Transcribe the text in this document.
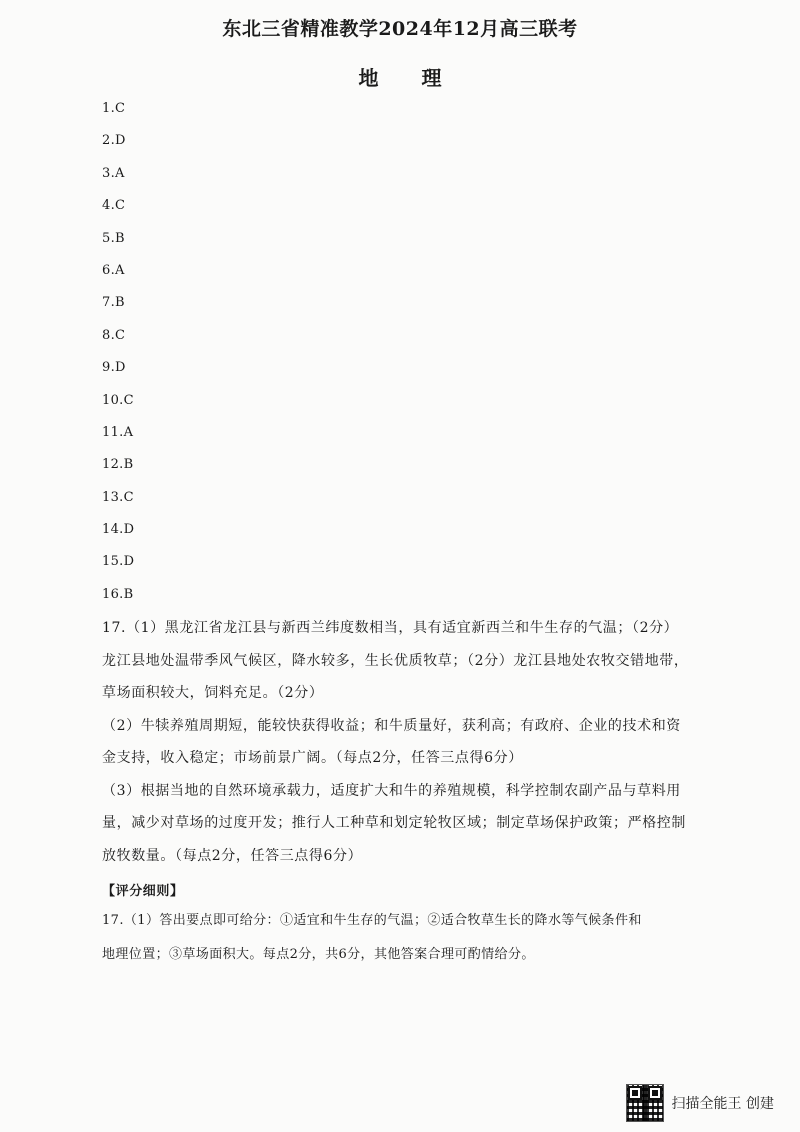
东北三省精准教学2024年12月高三联考
地 理
1.C
2.D
3.A
4.C
5.B
6.A
7.B
8.C
9.D
10.C
11.A
12.B
13.C
14.D
15.D
16.B

17.（1）黑龙江省龙江县与新西兰纬度数相当，具有适宜新西兰和牛生存的气温；（2分）

龙江县地处温带季风气候区，降水较多，生长优质牧草；（2分）龙江县地处农牧交错地带，

草场面积较大，饲料充足。（2分）

（2）牛犊养殖周期短，能较快获得收益；和牛质量好，获利高；有政府、企业的技术和资

金支持，收入稳定；市场前景广阔。（每点2分，任答三点得6分）

（3）根据当地的自然环境承载力，适度扩大和牛的养殖规模，科学控制农副产品与草料用

量，减少对草场的过度开发；推行人工种草和划定轮牧区域；制定草场保护政策；严格控制

放牧数量。（每点2分，任答三点得6分）

【评分细则】

17.（1）答出要点即可给分：①适宜和牛生存的气温；②适合牧草生长的降水等气候条件和

地理位置；③草场面积大。每点2分，共6分，其他答案合理可酌情给分。

扫描全能王 创建
